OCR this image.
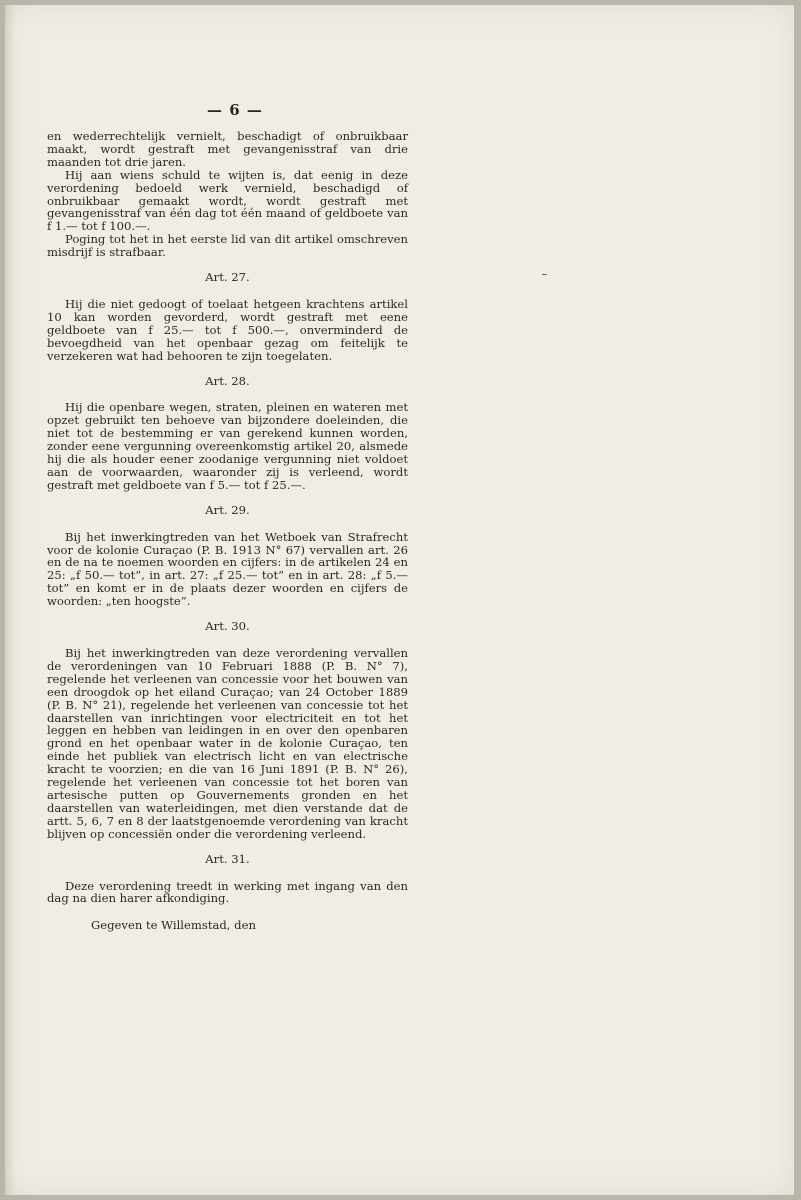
— 6 —

en wederrechtelijk vernielt, beschadigt of onbruikbaar maakt, wordt gestraft met gevangenisstraf van drie maanden tot drie jaren.

Hij aan wiens schuld te wijten is, dat eenig in deze verordening bedoeld werk vernield, beschadigd of onbruikbaar gemaakt wordt, wordt gestraft met gevangenisstraf van één dag tot één maand of geldboete van f 1.— tot f 100.—.

Poging tot het in het eerste lid van dit artikel omschreven misdrijf is strafbaar.

Art. 27.

Hij die niet gedoogt of toelaat hetgeen krachtens artikel 10 kan worden gevorderd, wordt gestraft met eene geldboete van f 25.— tot f 500.—, onverminderd de bevoegdheid van het openbaar gezag om feitelijk te verzekeren wat had behooren te zijn toegelaten.

Art. 28.

Hij die openbare wegen, straten, pleinen en wateren met opzet gebruikt ten behoeve van bijzondere doeleinden, die niet tot de bestemming er van gerekend kunnen worden, zonder eene vergunning overeenkomstig artikel 20, alsmede hij die als houder eener zoodanige vergunning niet voldoet aan de voorwaarden, waaronder zij is verleend, wordt gestraft met geldboete van f 5.— tot f 25.—.

Art. 29.

Bij het inwerkingtreden van het Wetboek van Strafrecht voor de kolonie Curaçao (P. B. 1913 N° 67) vervallen art. 26 en de na te noemen woorden en cijfers: in de artikelen 24 en 25: „f 50.— tot”, in art. 27: „f 25.— tot” en in art. 28: „f 5.— tot” en komt er in de plaats dezer woorden en cijfers de woorden: „ten hoogste”.

Art. 30.

Bij het inwerkingtreden van deze verordening vervallen de verordeningen van 10 Februari 1888 (P. B. N° 7), regelende het verleenen van concessie voor het bouwen van een droogdok op het eiland Curaçao; van 24 October 1889 (P. B. N° 21), regelende het verleenen van concessie tot het daarstellen van inrichtingen voor electriciteit en tot het leggen en hebben van leidingen in en over den openbaren grond en het openbaar water in de kolonie Curaçao, ten einde het publiek van electrisch licht en van electrische kracht te voorzien; en die van 16 Juni 1891 (P. B. N° 26), regelende het verleenen van concessie tot het boren van artesische putten op Gouvernements gronden en het daarstellen van waterleidingen, met dien verstande dat de artt. 5, 6, 7 en 8 der laatstgenoemde verordening van kracht blijven op concessiën onder die verordening verleend.

Art. 31.

Deze verordening treedt in werking met ingang van den dag na dien harer afkondiging.

Gegeven te Willemstad, den
